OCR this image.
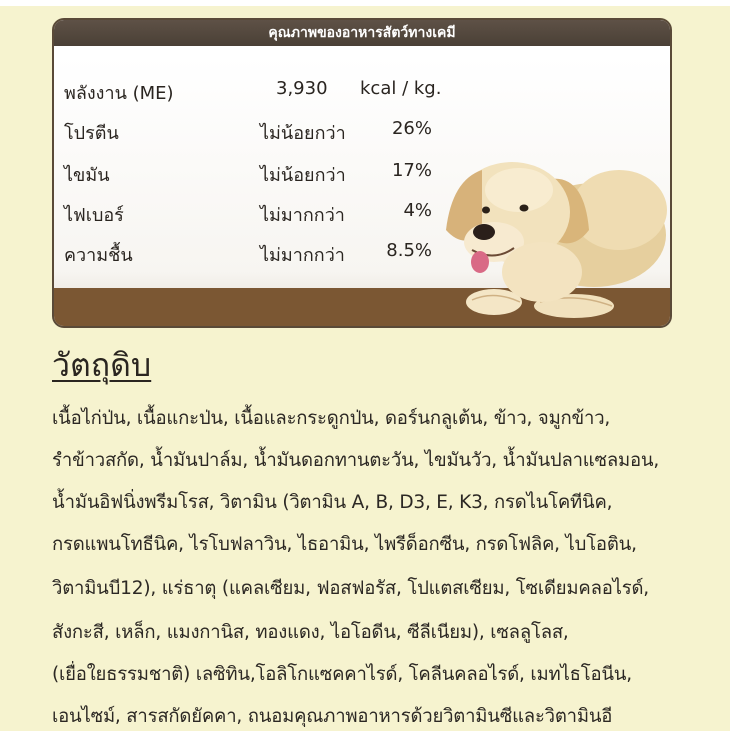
คุณภาพของอาหารสัตว์ทางเคมี
พลังงาน (ME)	3,930 kcal / kg.
โปรตีน	ไม่น้อยกว่า	26%
ไขมัน	ไม่น้อยกว่า	17%
ไฟเบอร์	ไม่มากกว่า	4%
ความชื้น	ไม่มากกว่า	8.5%
วัตถุดิบ
เนื้อไก่ป่น, เนื้อแกะป่น, เนื้อและกระดูกป่น, ดอร์นกลูเต้น, ข้าว, จมูกข้าว,
รำข้าวสกัด, น้ำมันปาล์ม, น้ำมันดอกทานตะวัน, ไขมันวัว, น้ำมันปลาแซลมอน,
น้ำมันอิฟนิ่งพรีมโรส, วิตามิน (วิตามิน A, B, D3, E, K3, กรดไนโคทีนิค,
กรดแพนโทธีนิค, ไรโบฟลาวิน, ไธอามิน, ไพรีด็อกซีน, กรดโฟลิค, ไบโอติน,
วิตามินบี12), แร่ธาตุ (แคลเซียม, ฟอสฟอรัส, โปแตสเซียม, โซเดียมคลอไรด์,
สังกะสี, เหล็ก, แมงกานิส, ทองแดง, ไอโอดีน, ซีลีเนียม), เซลลูโลส,
(เยื่อใยธรรมชาติ) เลซิทิน,โอลิโกแซคคาไรด์, โคลีนคลอไรด์, เมทไธโอนีน,
เอนไซม์, สารสกัดยัคคา, ถนอมคุณภาพอาหารด้วยวิตามินซีและวิตามินอี
